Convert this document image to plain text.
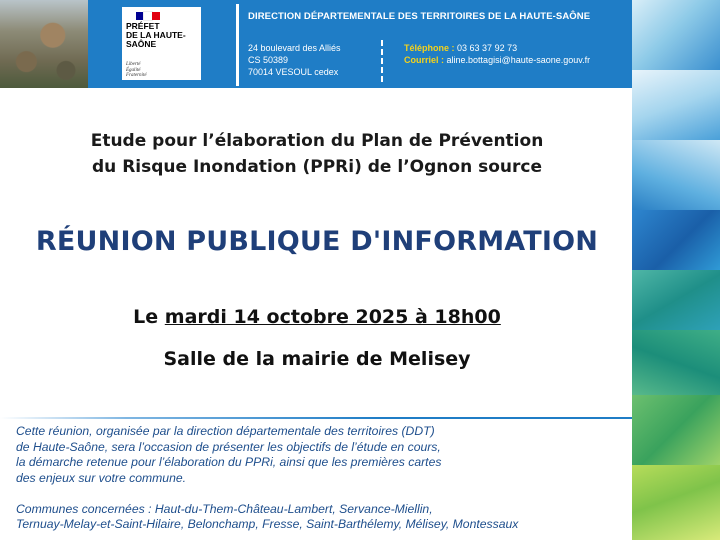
PRÉFET
DE LA HAUTE-
SAÔNE
Liberté
Égalité
Fraternité
DIRECTION DÉPARTEMENTALE DES TERRITOIRES DE LA HAUTE-SAÔNE
24 boulevard des Alliés
CS 50389
70014 VESOUL cedex
Téléphone : 03 63 37 92 73
Courriel : aline.bottagisi@haute-saone.gouv.fr
Etude pour l’élaboration du Plan de Prévention
du Risque Inondation (PPRi) de l’Ognon source
RÉUNION PUBLIQUE D'INFORMATION
Le mardi 14 octobre 2025 à 18h00
Salle de la mairie de Melisey

Cette réunion, organisée par la direction départementale des territoires (DDT)

de Haute-Saône, sera l’occasion de présenter les objectifs de l’étude en cours,

la démarche retenue pour l’élaboration du PPRi, ainsi que les premières cartes

des enjeux sur votre commune.

Communes concernées : Haut-du-Them-Château-Lambert, Servance-Miellin,

Ternuay-Melay-et-Saint-Hilaire, Belonchamp, Fresse, Saint-Barthélemy, Mélisey, Montessaux
